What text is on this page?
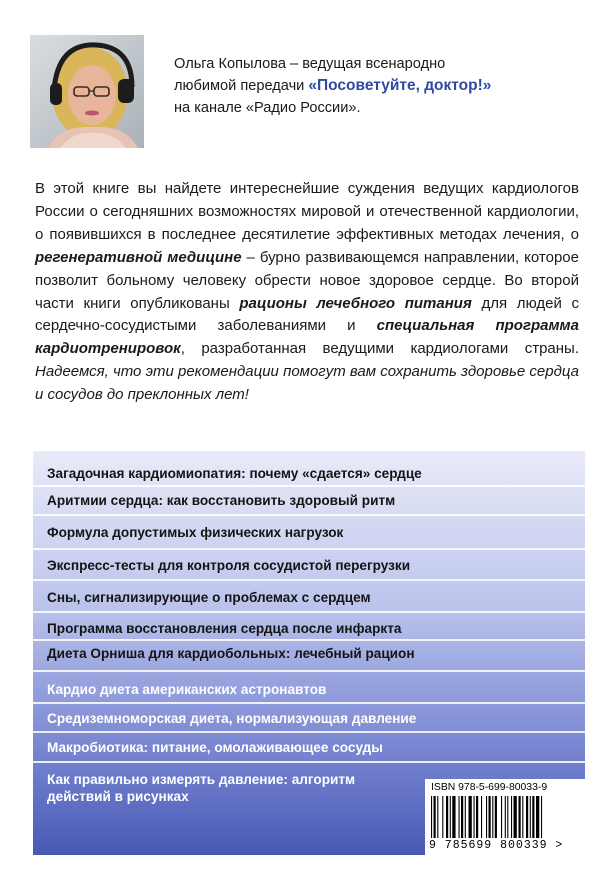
Ольга Копылова – ведущая всенародно
любимой передачи «Посоветуйте, доктор!»
на канале «Радио России».
В этой книге вы найдете интереснейшие суждения ведущих кардиологов России о сегодняшних возможностях мировой и отечественной кардиологии, о появившихся в последнее десятилетие эффективных методах лечения, о регенеративной медицине – бурно развивающемся направлении, которое позволит больному человеку обрести новое здоровое сердце. Во второй части книги опубликованы рационы лечебного питания для людей с сердечно-сосудистыми заболеваниями и специальная программа кардиотренировок, разработанная ведущими кардиологами страны. Надеемся, что эти рекомендации помогут вам сохранить здоровье сердца и сосудов до преклонных лет!
Загадочная кардиомиопатия: почему «сдается» сердце
Аритмии сердца: как восстановить здоровый ритм
Формула допустимых физических нагрузок
Экспресс-тесты для контроля сосудистой перегрузки
Сны, сигнализирующие о проблемах с сердцем
Программа восстановления сердца после инфаркта
Диета Орниша для кардиобольных: лечебный рацион
Кардио диета американских астронавтов
Средиземноморская диета, нормализующая давление
Макробиотика: питание, омолаживающее сосуды
Как правильно измерять давление: алгоритм действий в рисунках
ISBN 978-5-699-80033-9
9 785699 800339 >
